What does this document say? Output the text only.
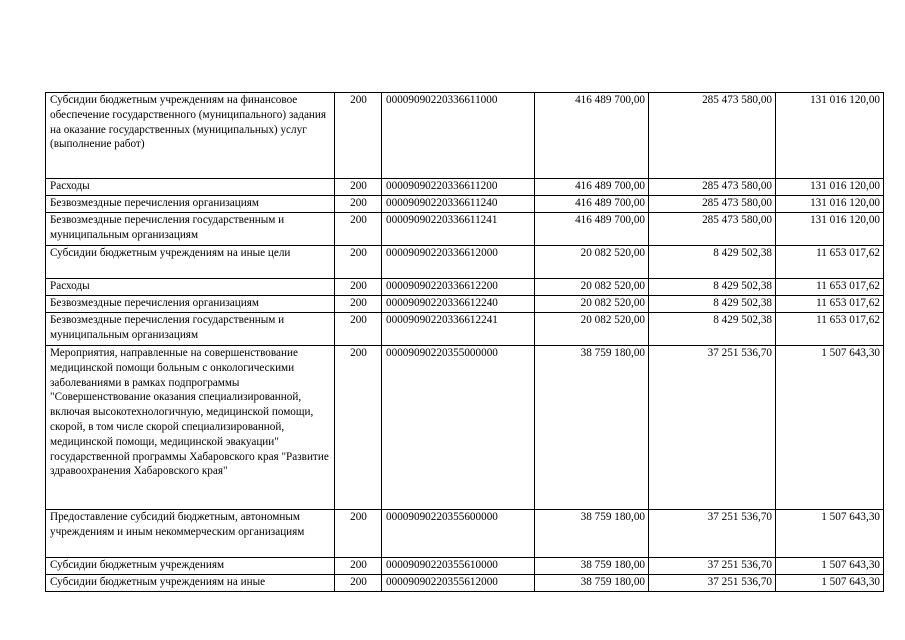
Субсидии бюджетным учреждениям на финансовое обеспечение государственного (муниципального) задания на оказание государственных (муниципальных) услуг (выполнение работ)	200	00009090220336611000	416 489 700,00	285 473 580,00	131 016 120,00
Расходы	200	00009090220336611200	416 489 700,00	285 473 580,00	131 016 120,00
Безвозмездные перечисления организациям	200	00009090220336611240	416 489 700,00	285 473 580,00	131 016 120,00
Безвозмездные перечисления государственным и муниципальным организациям	200	00009090220336611241	416 489 700,00	285 473 580,00	131 016 120,00
Субсидии бюджетным учреждениям на иные цели	200	00009090220336612000	20 082 520,00	8 429 502,38	11 653 017,62
Расходы	200	00009090220336612200	20 082 520,00	8 429 502,38	11 653 017,62
Безвозмездные перечисления организациям	200	00009090220336612240	20 082 520,00	8 429 502,38	11 653 017,62
Безвозмездные перечисления государственным и муниципальным организациям	200	00009090220336612241	20 082 520,00	8 429 502,38	11 653 017,62
Мероприятия, направленные на совершенствование медицинской помощи больным с онкологическими заболеваниями в рамках подпрограммы "Совершенствование оказания специализированной, включая высокотехнологичную, медицинской помощи, скорой, в том числе скорой специализированной, медицинской помощи, медицинской эвакуации" государственной программы Хабаровского края "Развитие здравоохранения Хабаровского края"	200	00009090220355000000	38 759 180,00	37 251 536,70	1 507 643,30
Предоставление субсидий бюджетным, автономным учреждениям и иным некоммерческим организациям	200	00009090220355600000	38 759 180,00	37 251 536,70	1 507 643,30
Субсидии бюджетным учреждениям	200	00009090220355610000	38 759 180,00	37 251 536,70	1 507 643,30
Субсидии бюджетным учреждениям на иные	200	00009090220355612000	38 759 180,00	37 251 536,70	1 507 643,30
